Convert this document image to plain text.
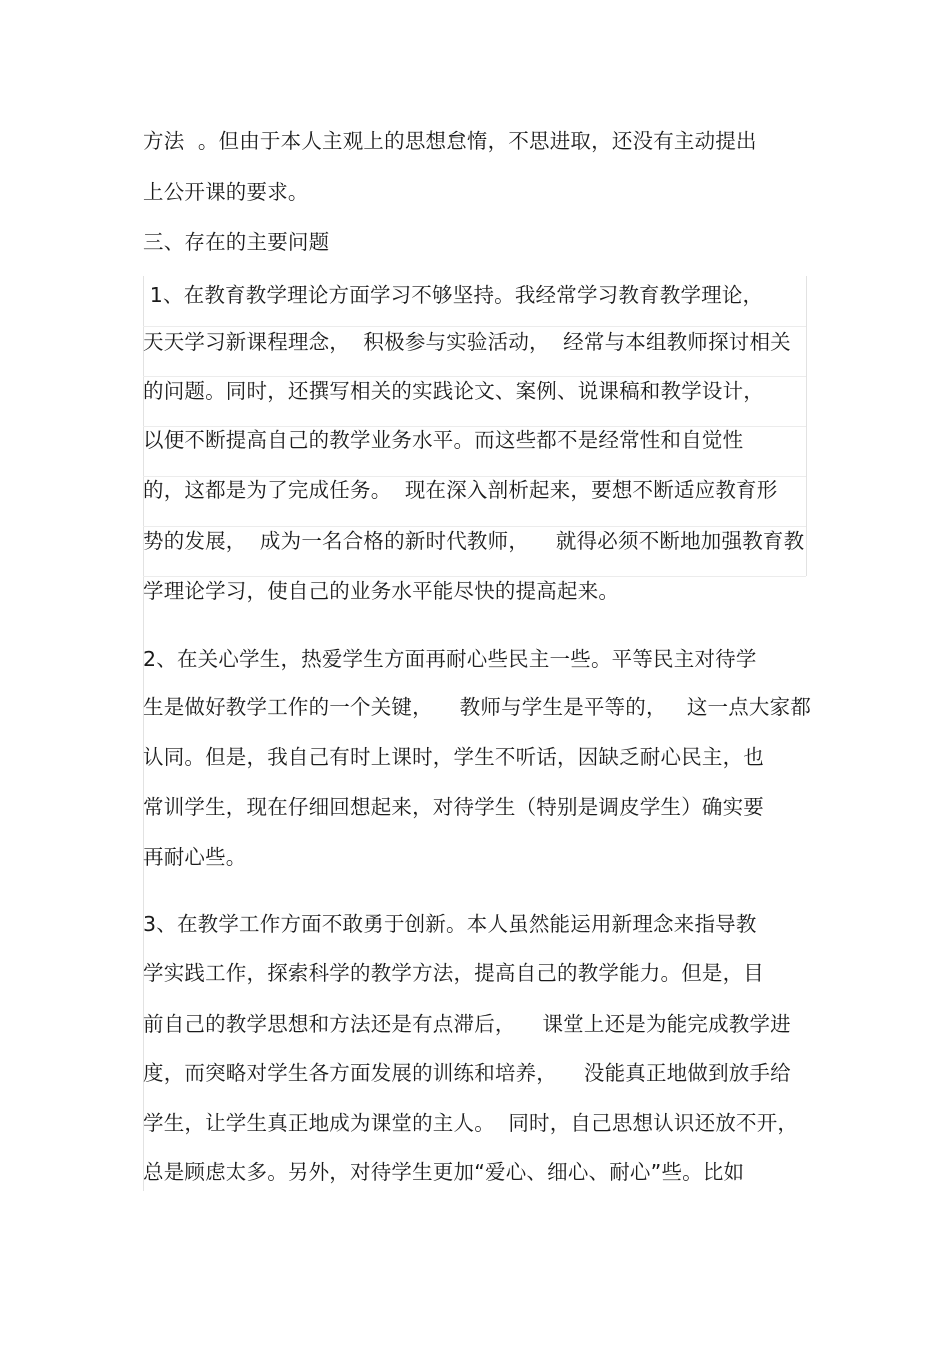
方法  。但由于本人主观上的思想怠惰，不思进取，还没有主动提出
上公开课的要求。
三、存在的主要问题
1、在教育教学理论方面学习不够坚持。我经常学习教育教学理论，
天天学习新课程理念，  积极参与实验活动，  经常与本组教师探讨相关
的问题。同时，还撰写相关的实践论文、案例、说课稿和教学设计，
以便不断提高自己的教学业务水平。而这些都不是经常性和自觉性
的，这都是为了完成任务。  现在深入剖析起来，要想不断适应教育形
势的发展，  成为一名合格的新时代教师，    就得必须不断地加强教育教
学理论学习，使自己的业务水平能尽快的提高起来。
2、在关心学生，热爱学生方面再耐心些民主一些。平等民主对待学
生是做好教学工作的一个关键，    教师与学生是平等的，   这一点大家都
认同。但是，我自己有时上课时，学生不听话，因缺乏耐心民主，也
常训学生，现在仔细回想起来，对待学生（特别是调皮学生）确实要
再耐心些。
3、在教学工作方面不敢勇于创新。本人虽然能运用新理念来指导教
学实践工作，探索科学的教学方法，提高自己的教学能力。但是，目
前自己的教学思想和方法还是有点滞后，    课堂上还是为能完成教学进
度，而突略对学生各方面发展的训练和培养，    没能真正地做到放手给
学生，让学生真正地成为课堂的主人。  同时，自己思想认识还放不开，
总是顾虑太多。另外，对待学生更加“爱心、细心、耐心”些。比如
